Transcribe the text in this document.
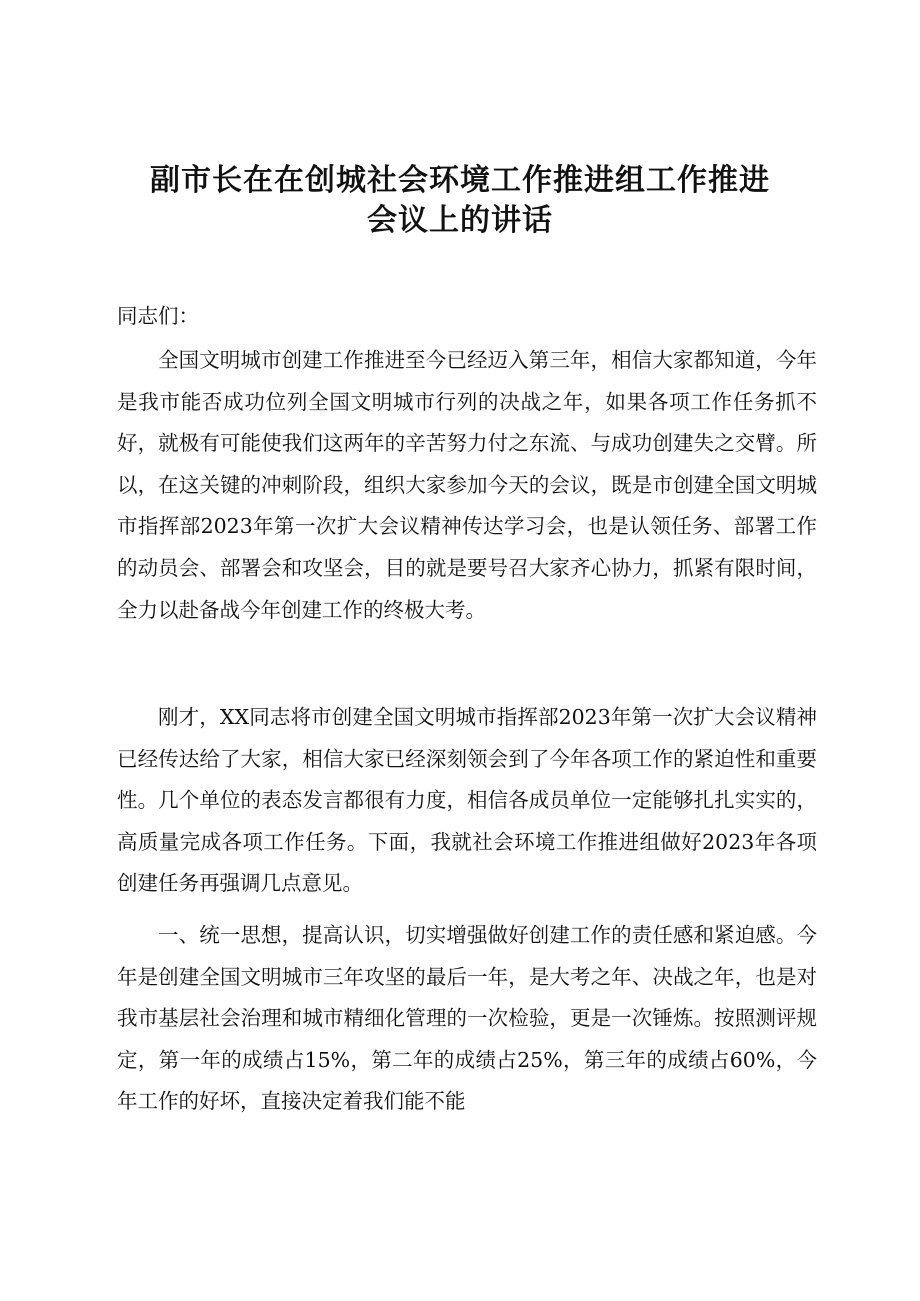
副市长在在创城社会环境工作推进组工作推进
会议上的讲话

同志们：

全国文明城市创建工作推进至今已经迈入第三年，相信大家都知道，今年是我市能否成功位列全国文明城市行列的决战之年，如果各项工作任务抓不好，就极有可能使我们这两年的辛苦努力付之东流、与成功创建失之交臂。所以，在这关键的冲刺阶段，组织大家参加今天的会议，既是市创建全国文明城市指挥部2023年第一次扩大会议精神传达学习会，也是认领任务、部署工作的动员会、部署会和攻坚会，目的就是要号召大家齐心协力，抓紧有限时间，全力以赴备战今年创建工作的终极大考。

刚才，XX同志将市创建全国文明城市指挥部2023年第一次扩大会议精神已经传达给了大家，相信大家已经深刻领会到了今年各项工作的紧迫性和重要性。几个单位的表态发言都很有力度，相信各成员单位一定能够扎扎实实的，高质量完成各项工作任务。下面，我就社会环境工作推进组做好2023年各项创建任务再强调几点意见。

一、统一思想，提高认识，切实增强做好创建工作的责任感和紧迫感。今年是创建全国文明城市三年攻坚的最后一年，是大考之年、决战之年，也是对我市基层社会治理和城市精细化管理的一次检验，更是一次锤炼。按照测评规定，第一年的成绩占15%，第二年的成绩占25%，第三年的成绩占60%，今年工作的好坏，直接决定着我们能不能
